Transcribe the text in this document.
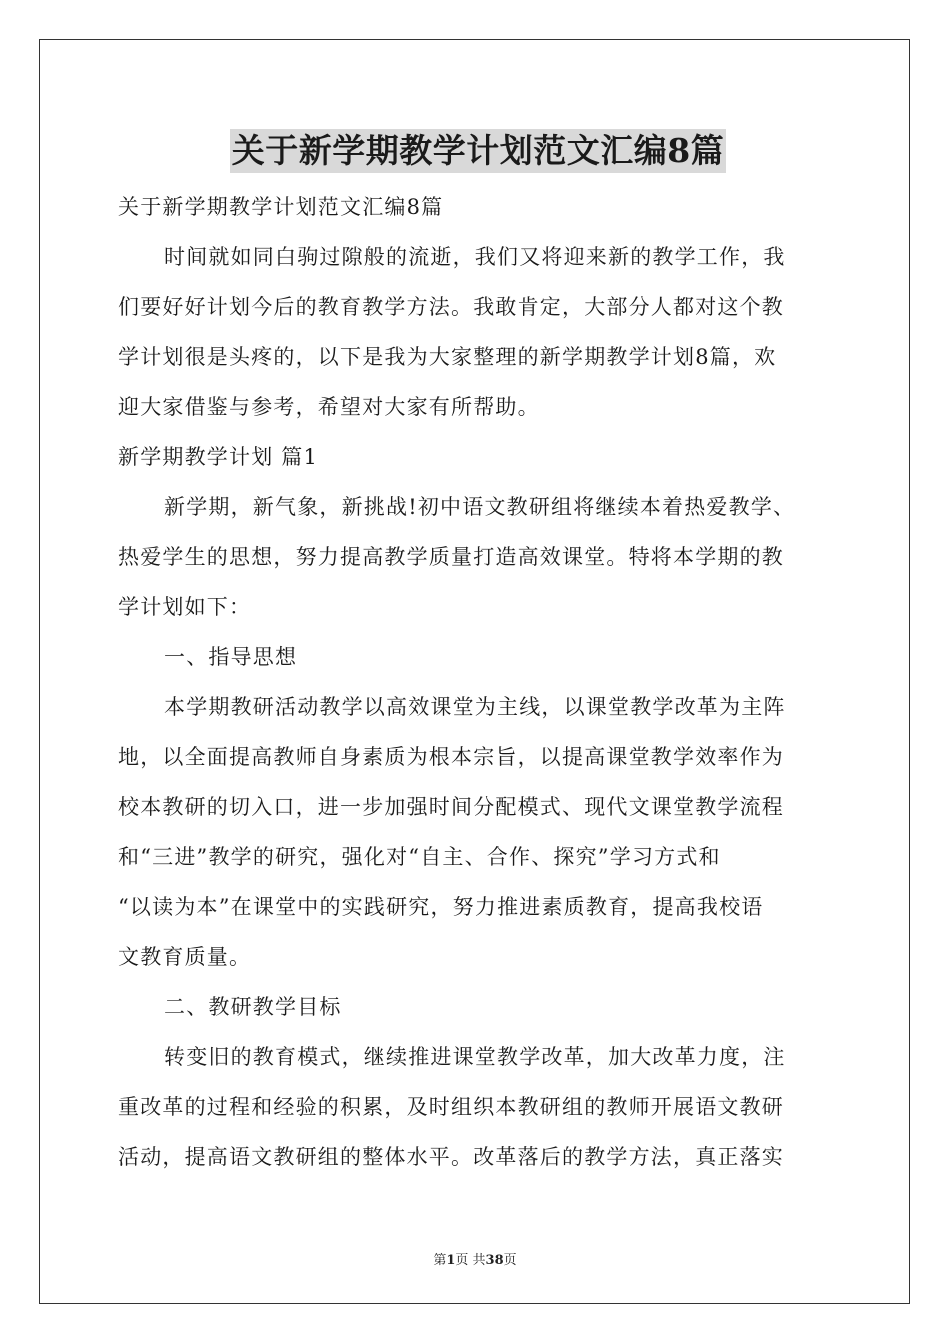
关于新学期教学计划范文汇编8篇
关于新学期教学计划范文汇编8篇
时间就如同白驹过隙般的流逝，我们又将迎来新的教学工作，我
们要好好计划今后的教育教学方法。我敢肯定，大部分人都对这个教
学计划很是头疼的，以下是我为大家整理的新学期教学计划8篇，欢
迎大家借鉴与参考，希望对大家有所帮助。
新学期教学计划 篇1
新学期，新气象，新挑战!初中语文教研组将继续本着热爱教学、
热爱学生的思想，努力提高教学质量打造高效课堂。特将本学期的教
学计划如下：
一、指导思想
本学期教研活动教学以高效课堂为主线，以课堂教学改革为主阵
地，以全面提高教师自身素质为根本宗旨，以提高课堂教学效率作为
校本教研的切入口，进一步加强时间分配模式、现代文课堂教学流程
和“三进”教学的研究，强化对“自主、合作、探究”学习方式和
“以读为本”在课堂中的实践研究，努力推进素质教育，提高我校语
文教育质量。
二、教研教学目标
转变旧的教育模式，继续推进课堂教学改革，加大改革力度，注
重改革的过程和经验的积累，及时组织本教研组的教师开展语文教研
活动，提高语文教研组的整体水平。改革落后的教学方法，真正落实
第1页 共38页
